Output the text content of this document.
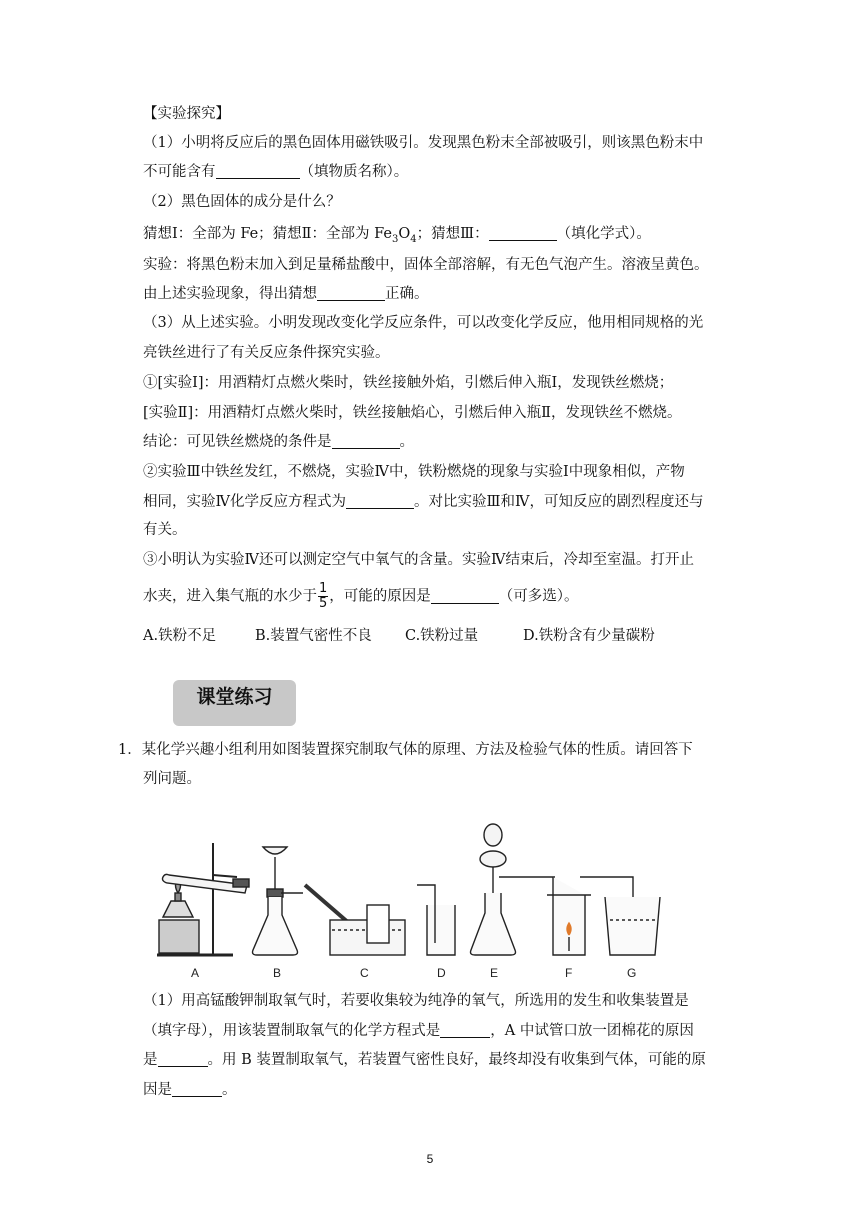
【实验探究】
（1）小明将反应后的黑色固体用磁铁吸引。发现黑色粉末全部被吸引，则该黑色粉末中
不可能含有	（填物质名称）。
（2）黑色固体的成分是什么？
猜想Ⅰ：全部为 Fe；猜想Ⅱ：全部为 $Fe_3O_4$；猜想Ⅲ：	（填化学式）。
实验：将黑色粉末加入到足量稀盐酸中，固体全部溶解，有无色气泡产生。溶液呈黄色。
由上述实验现象，得出猜想	正确。
（3）从上述实验。小明发现改变化学反应条件，可以改变化学反应，他用相同规格的光
亮铁丝进行了有关反应条件探究实验。
①[实验Ⅰ]：用酒精灯点燃火柴时，铁丝接触外焰，引燃后伸入瓶Ⅰ，发现铁丝燃烧；
[实验Ⅱ]：用酒精灯点燃火柴时，铁丝接触焰心，引燃后伸入瓶Ⅱ，发现铁丝不燃烧。
结论：可见铁丝燃烧的条件是	。
②实验Ⅲ中铁丝发红，不燃烧，实验Ⅳ中，铁粉燃烧的现象与实验Ⅰ中现象相似，产物
相同，实验Ⅳ化学反应方程式为	。对比实验Ⅲ和Ⅳ，可知反应的剧烈程度还与
有关。
③小明认为实验Ⅳ还可以测定空气中氧气的含量。实验Ⅳ结束后，冷却至室温。打开止
水夹，进入集气瓶的水少于 $\frac{1}{5}$ ，可能的原因是	（可多选）。
A.铁粉不足	B.装置气密性不良 C.铁粉过量	D.铁粉含有少量碳粉
课堂练习
1．某化学兴趣小组利用如图装置探究制取气体的原理、方法及检验气体的性质。请回答下
列问题。
A	B	C	D	E	F	G
（1）用高锰酸钾制取氧气时，若要收集较为纯净的氧气，所选用的发生和收集装置是
（填字母），用该装置制取氧气的化学方程式是	，A 中试管口放一团棉花的原因
是	。用 B 装置制取氧气，若装置气密性良好，最终却没有收集到气体，可能的原
因是	。
5
